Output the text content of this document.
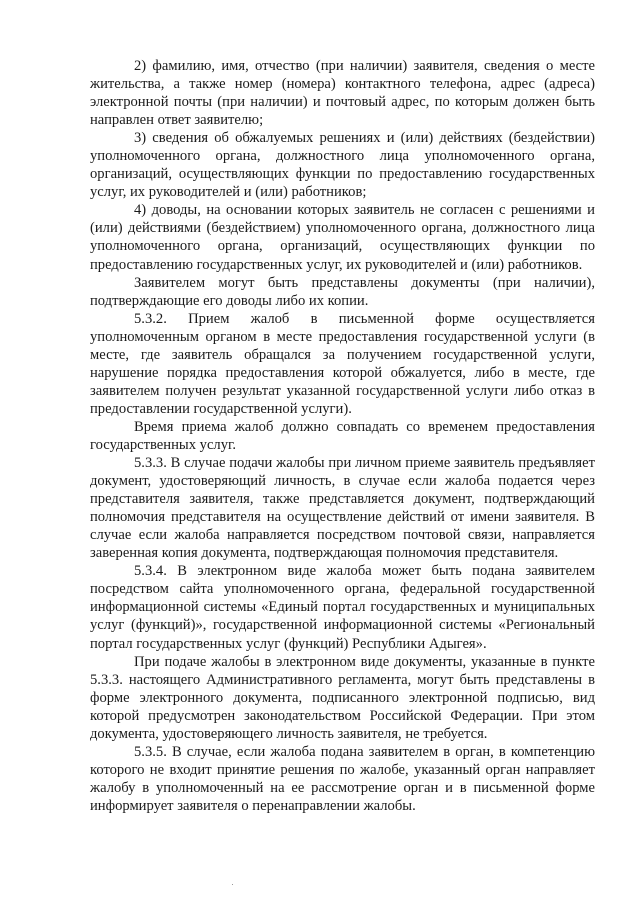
2) фамилию, имя, отчество (при наличии) заявителя, сведения о месте жительства, а также номер (номера) контактного телефона, адрес (адреса) электронной почты (при наличии) и почтовый адрес, по которым должен быть направлен ответ заявителю;

3) сведения об обжалуемых решениях и (или) действиях (бездействии) уполномоченного органа, должностного лица уполномоченного органа, организаций, осуществляющих функции по предоставлению государственных услуг, их руководителей и (или) работников;

4) доводы, на основании которых заявитель не согласен с решениями и (или) действиями (бездействием) уполномоченного органа, должностного лица уполномоченного органа, организаций, осуществляющих функции по предоставлению государственных услуг, их руководителей и (или) работников.

Заявителем могут быть представлены документы (при наличии), подтверждающие его доводы либо их копии.

5.3.2. Прием жалоб в письменной форме осуществляется уполномоченным органом в месте предоставления государственной услуги (в месте, где заявитель обращался за получением государственной услуги, нарушение порядка предоставления которой обжалуется, либо в месте, где заявителем получен результат указанной государственной услуги либо отказ в предоставлении государственной услуги).

Время приема жалоб должно совпадать со временем предоставления государственных услуг.

5.3.3. В случае подачи жалобы при личном приеме заявитель предъявляет документ, удостоверяющий личность, в случае если жалоба подается через представителя заявителя, также представляется документ, подтверждающий полномочия представителя на осуществление действий от имени заявителя. В случае если жалоба направляется посредством почтовой связи, направляется заверенная копия документа, подтверждающая полномочия представителя.

5.3.4. В электронном виде жалоба может быть подана заявителем посредством сайта уполномоченного органа, федеральной государственной информационной системы «Единый портал государственных и муниципальных услуг (функций)», государственной информационной системы «Региональный портал государственных услуг (функций) Республики Адыгея».

При подаче жалобы в электронном виде документы, указанные в пункте 5.3.3. настоящего Административного регламента, могут быть представлены в форме электронного документа, подписанного электронной подписью, вид которой предусмотрен законодательством Российской Федерации. При этом документа, удостоверяющего личность заявителя, не требуется.

5.3.5. В случае, если жалоба подана заявителем в орган, в компетенцию которого не входит принятие решения по жалобе, указанный орган направляет жалобу в уполномоченный на ее рассмотрение орган и в письменной форме информирует заявителя о перенаправлении жалобы.
